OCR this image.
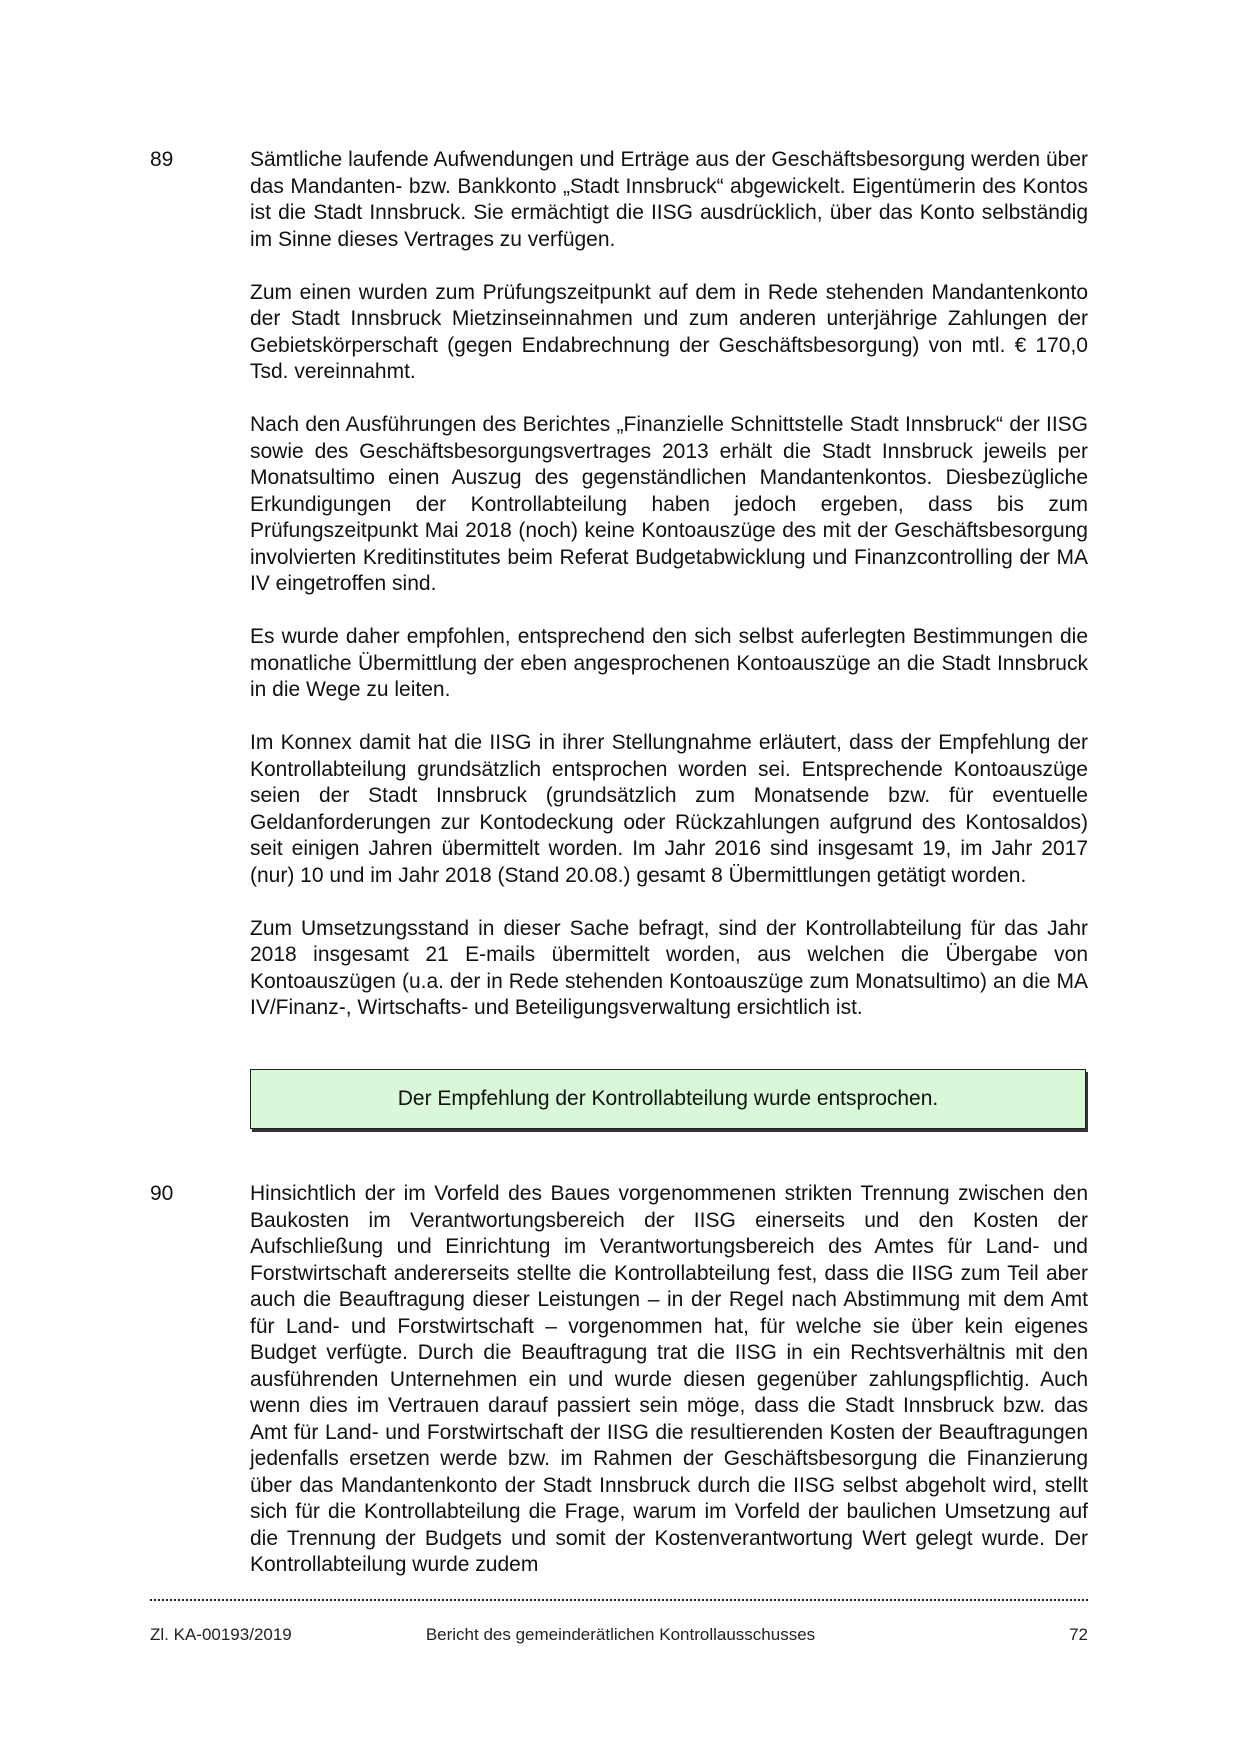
89	Sämtliche laufende Aufwendungen und Erträge aus der Geschäftsbesorgung werden über das Mandanten- bzw. Bankkonto „Stadt Innsbruck“ abgewickelt. Eigentümerin des Kontos ist die Stadt Innsbruck. Sie ermächtigt die IISG ausdrücklich, über das Konto selbständig im Sinne dieses Vertrages zu verfügen.

Zum einen wurden zum Prüfungszeitpunkt auf dem in Rede stehenden Mandantenkonto der Stadt Innsbruck Mietzinseinnahmen und zum anderen unterjährige Zahlungen der Gebietskörperschaft (gegen Endabrechnung der Geschäftsbesorgung) von mtl. € 170,0 Tsd. vereinnahmt.

Nach den Ausführungen des Berichtes „Finanzielle Schnittstelle Stadt Innsbruck“ der IISG sowie des Geschäftsbesorgungsvertrages 2013 erhält die Stadt Innsbruck jeweils per Monatsultimo einen Auszug des gegenständlichen Mandantenkontos. Diesbezügliche Erkundigungen der Kontrollabteilung haben jedoch ergeben, dass bis zum Prüfungszeitpunkt Mai 2018 (noch) keine Kontoauszüge des mit der Geschäftsbesorgung involvierten Kreditinstitutes beim Referat Budgetabwicklung und Finanzcontrolling der MA IV eingetroffen sind.

Es wurde daher empfohlen, entsprechend den sich selbst auferlegten Bestimmungen die monatliche Übermittlung der eben angesprochenen Kontoauszüge an die Stadt Innsbruck in die Wege zu leiten.

Im Konnex damit hat die IISG in ihrer Stellungnahme erläutert, dass der Empfehlung der Kontrollabteilung grundsätzlich entsprochen worden sei. Entsprechende Kontoauszüge seien der Stadt Innsbruck (grundsätzlich zum Monatsende bzw. für eventuelle Geldanforderungen zur Kontodeckung oder Rückzahlungen aufgrund des Kontosaldos) seit einigen Jahren übermittelt worden. Im Jahr 2016 sind insgesamt 19, im Jahr 2017 (nur) 10 und im Jahr 2018 (Stand 20.08.) gesamt 8 Übermittlungen getätigt worden.

Zum Umsetzungsstand in dieser Sache befragt, sind der Kontrollabteilung für das Jahr 2018 insgesamt 21 E-mails übermittelt worden, aus welchen die Übergabe von Kontoauszügen (u.a. der in Rede stehenden Kontoauszüge zum Monatsultimo) an die MA IV/Finanz-, Wirtschafts- und Beteiligungsverwaltung ersichtlich ist.

Der Empfehlung der Kontrollabteilung wurde entsprochen.
90	Hinsichtlich der im Vorfeld des Baues vorgenommenen strikten Trennung zwischen den Baukosten im Verantwortungsbereich der IISG einerseits und den Kosten der Aufschließung und Einrichtung im Verantwortungsbereich des Amtes für Land- und Forstwirtschaft andererseits stellte die Kontrollabteilung fest, dass die IISG zum Teil aber auch die Beauftragung dieser Leistungen – in der Regel nach Abstimmung mit dem Amt für Land- und Forstwirtschaft – vorgenommen hat, für welche sie über kein eigenes Budget verfügte. Durch die Beauftragung trat die IISG in ein Rechtsverhältnis mit den ausführenden Unternehmen ein und wurde diesen gegenüber zahlungspflichtig. Auch wenn dies im Vertrauen darauf passiert sein möge, dass die Stadt Innsbruck bzw. das Amt für Land- und Forstwirtschaft der IISG die resultierenden Kosten der Beauftragungen jedenfalls ersetzen werde bzw. im Rahmen der Geschäftsbesorgung die Finanzierung über das Mandantenkonto der Stadt Innsbruck durch die IISG selbst abgeholt wird, stellt sich für die Kontrollabteilung die Frage, warum im Vorfeld der baulichen Umsetzung auf die Trennung der Budgets und somit der Kostenverantwortung Wert gelegt wurde. Der Kontrollabteilung wurde zudem

Zl. KA-00193/2019	Bericht des gemeinderätlichen Kontrollausschusses	72
